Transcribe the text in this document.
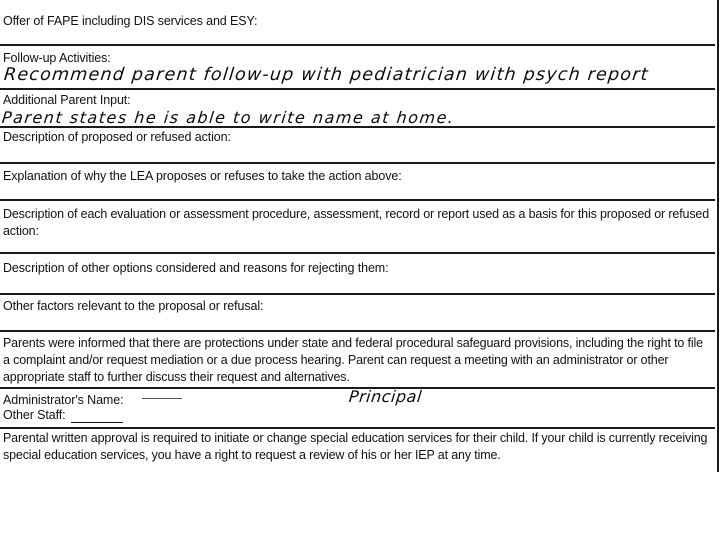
Offer of FAPE including DIS services and ESY:
Follow-up Activities:
Recommend parent follow-up with pediatrician with psych report
Additional Parent Input:
Parent states he is able to write name at home.
Description of proposed or refused action:
Explanation of why the LEA proposes or refuses to take the action above:
Description of each evaluation or assessment procedure, assessment, record or report used as a basis for this proposed or refused action:
Description of other options considered and reasons for rejecting them:
Other factors relevant to the proposal or refusal:
Parents were informed that there are protections under state and federal procedural safeguard provisions, including the right to file a complaint and/or request mediation or a due process hearing. Parent can request a meeting with an administrator or other appropriate staff to further discuss their request and alternatives.
Administrator's Name:	Principal
Other Staff:
Parental written approval is required to initiate or change special education services for their child. If your child is currently receiving special education services, you have a right to request a review of his or her IEP at any time.
